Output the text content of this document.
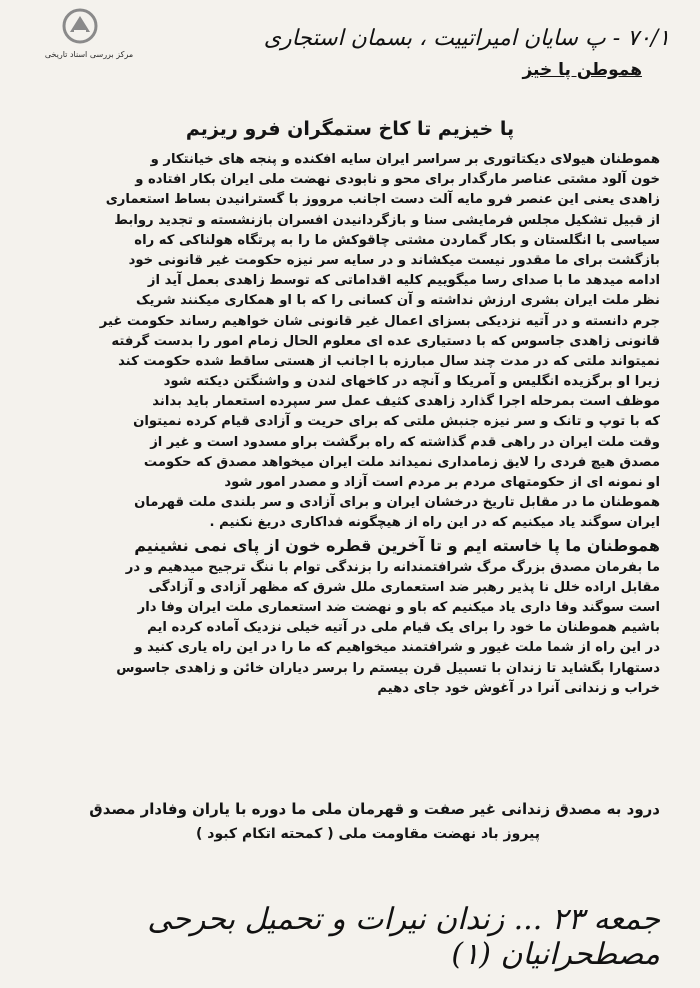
مرکز بررسی اسناد تاریخی
۷۰/۱ - پ سایان امیراتییت ، بسمان استجاری
هموطن پا خیز
پا خیزیم تا کاخ ستمگران فرو ریزیم
هموطنان هیولای دیکتاتوری بر سراسر ایران سایه افکنده و پنجه های خیانتکار و
خون آلود مشتی عناصر مارگدار برای محو و نابودی نهضت ملی ایران بکار افتاده و
زاهدی یعنی این عنصر فرو مایه آلت دست اجانب مرووز با گسترانیدن بساط استعماری
از قبیل تشکیل مجلس فرمایشی سنا و بازگردانیدن افسران بازنشسته و تجدید روابط
سیاسی با انگلستان و بکار گماردن مشتی چاقوکش ما را به پرتگاه هولناکی که راه
بازگشت برای ما مقدور نیست میکشاند و در سایه سر نیزه حکومت غیر قانونی خود
ادامه میدهد ما با صدای رسا میگوییم کلیه اقداماتی که توسط زاهدی بعمل آید از
نظر ملت ایران بشری ارزش نداشته و آن کسانی را که با او همکاری میکنند شریک
جرم دانسته و در آتیه نزدیکی بسزای اعمال غیر قانونی شان خواهیم رساند حکومت غیر
قانونی زاهدی جاسوس که با دستیاری عده ای معلوم الحال زمام امور را بدست گرفته
نمیتواند ملتی که در مدت چند سال مبارزه با اجانب از هستی ساقط شده حکومت کند
زیرا او برگزیده انگلیس و آمریکا و آنچه در کاخهای لندن و واشنگتن دیکته شود
موظف است بمرحله اجرا گذارد زاهدی کثیف عمل سر سپرده استعمار باید بداند
که با توپ و تانک و سر نیزه جنبش ملتی که برای حریت و آزادی قیام کرده نمیتوان
وقت ملت ایران در راهی قدم گذاشته که راه برگشت براو مسدود است و غیر از
مصدق هیچ فردی را لایق زمامداری نمیداند ملت ایران میخواهد مصدق که حکومت
او نمونه ای از حکومتهای مردم بر مردم است آزاد و مصدر امور شود
هموطنان ما در مقابل تاریخ درخشان ایران و برای آزادی و سر بلندی ملت قهرمان
ایران سوگند یاد میکنیم که در این راه از هیچگونه فداکاری دریغ نکنیم .
هموطنان ما پا خاسته ایم و تا آخرین قطره خون از پای نمی نشینیم
ما بفرمان مصدق بزرگ مرگ شرافتمندانه را بزندگی توام با ننگ ترجیح میدهیم و در
مقابل اراده خلل نا پذیر رهبر ضد استعماری ملل شرق که مظهر آزادی و آزادگی
است سوگند وفا داری یاد میکنیم که باو و نهضت ضد استعماری ملت ایران وفا دار
باشیم هموطنان ما خود را برای یک قیام ملی در آتیه خیلی نزدیک آماده کرده ایم
در این راه از شما ملت غیور و شرافتمند میخواهیم که ما را در این راه یاری کنید و
دستهارا بگشاید تا زندان با تسبیل قرن بیستم را برسر دیاران خائن و زاهدی جاسوس
خراب و زندانی آنرا در آغوش خود جای دهیم
درود به مصدق زندانی غیر صفت و قهرمان ملی ما دوره با یاران وفادار مصدق
پیروز باد نهضت مقاومت ملی ( کمحته اتکام کبود )
جمعه ۲۳ ... زندان نیرات و تحمیل بحرحی مصطحرانیان (۱)
